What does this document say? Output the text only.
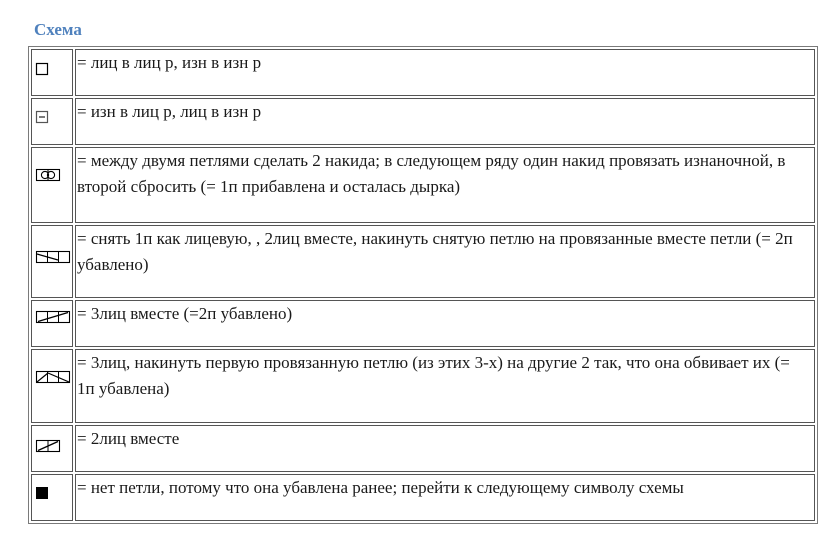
Схема
	= лиц в лиц р, изн в изн р

	= изн в лиц р, лиц в изн р

	= между двумя петлями сделать 2 накида; в следующем ряду один накид провязать изнаночной, в второй сбросить (= 1п прибавлена и осталась дырка)

	= снять 1п как лицевую, , 2лиц вместе, накинуть снятую петлю на провязанные вместе петли (= 2п убавлено)

	= 3лиц вместе (=2п убавлено)

	= 3лиц, накинуть первую провязанную петлю (из этих 3-х) на другие 2 так, что она обвивает их (= 1п убавлена)

	= 2лиц вместе

	= нет петли, потому что она убавлена ранее; перейти к следующему символу схемы
